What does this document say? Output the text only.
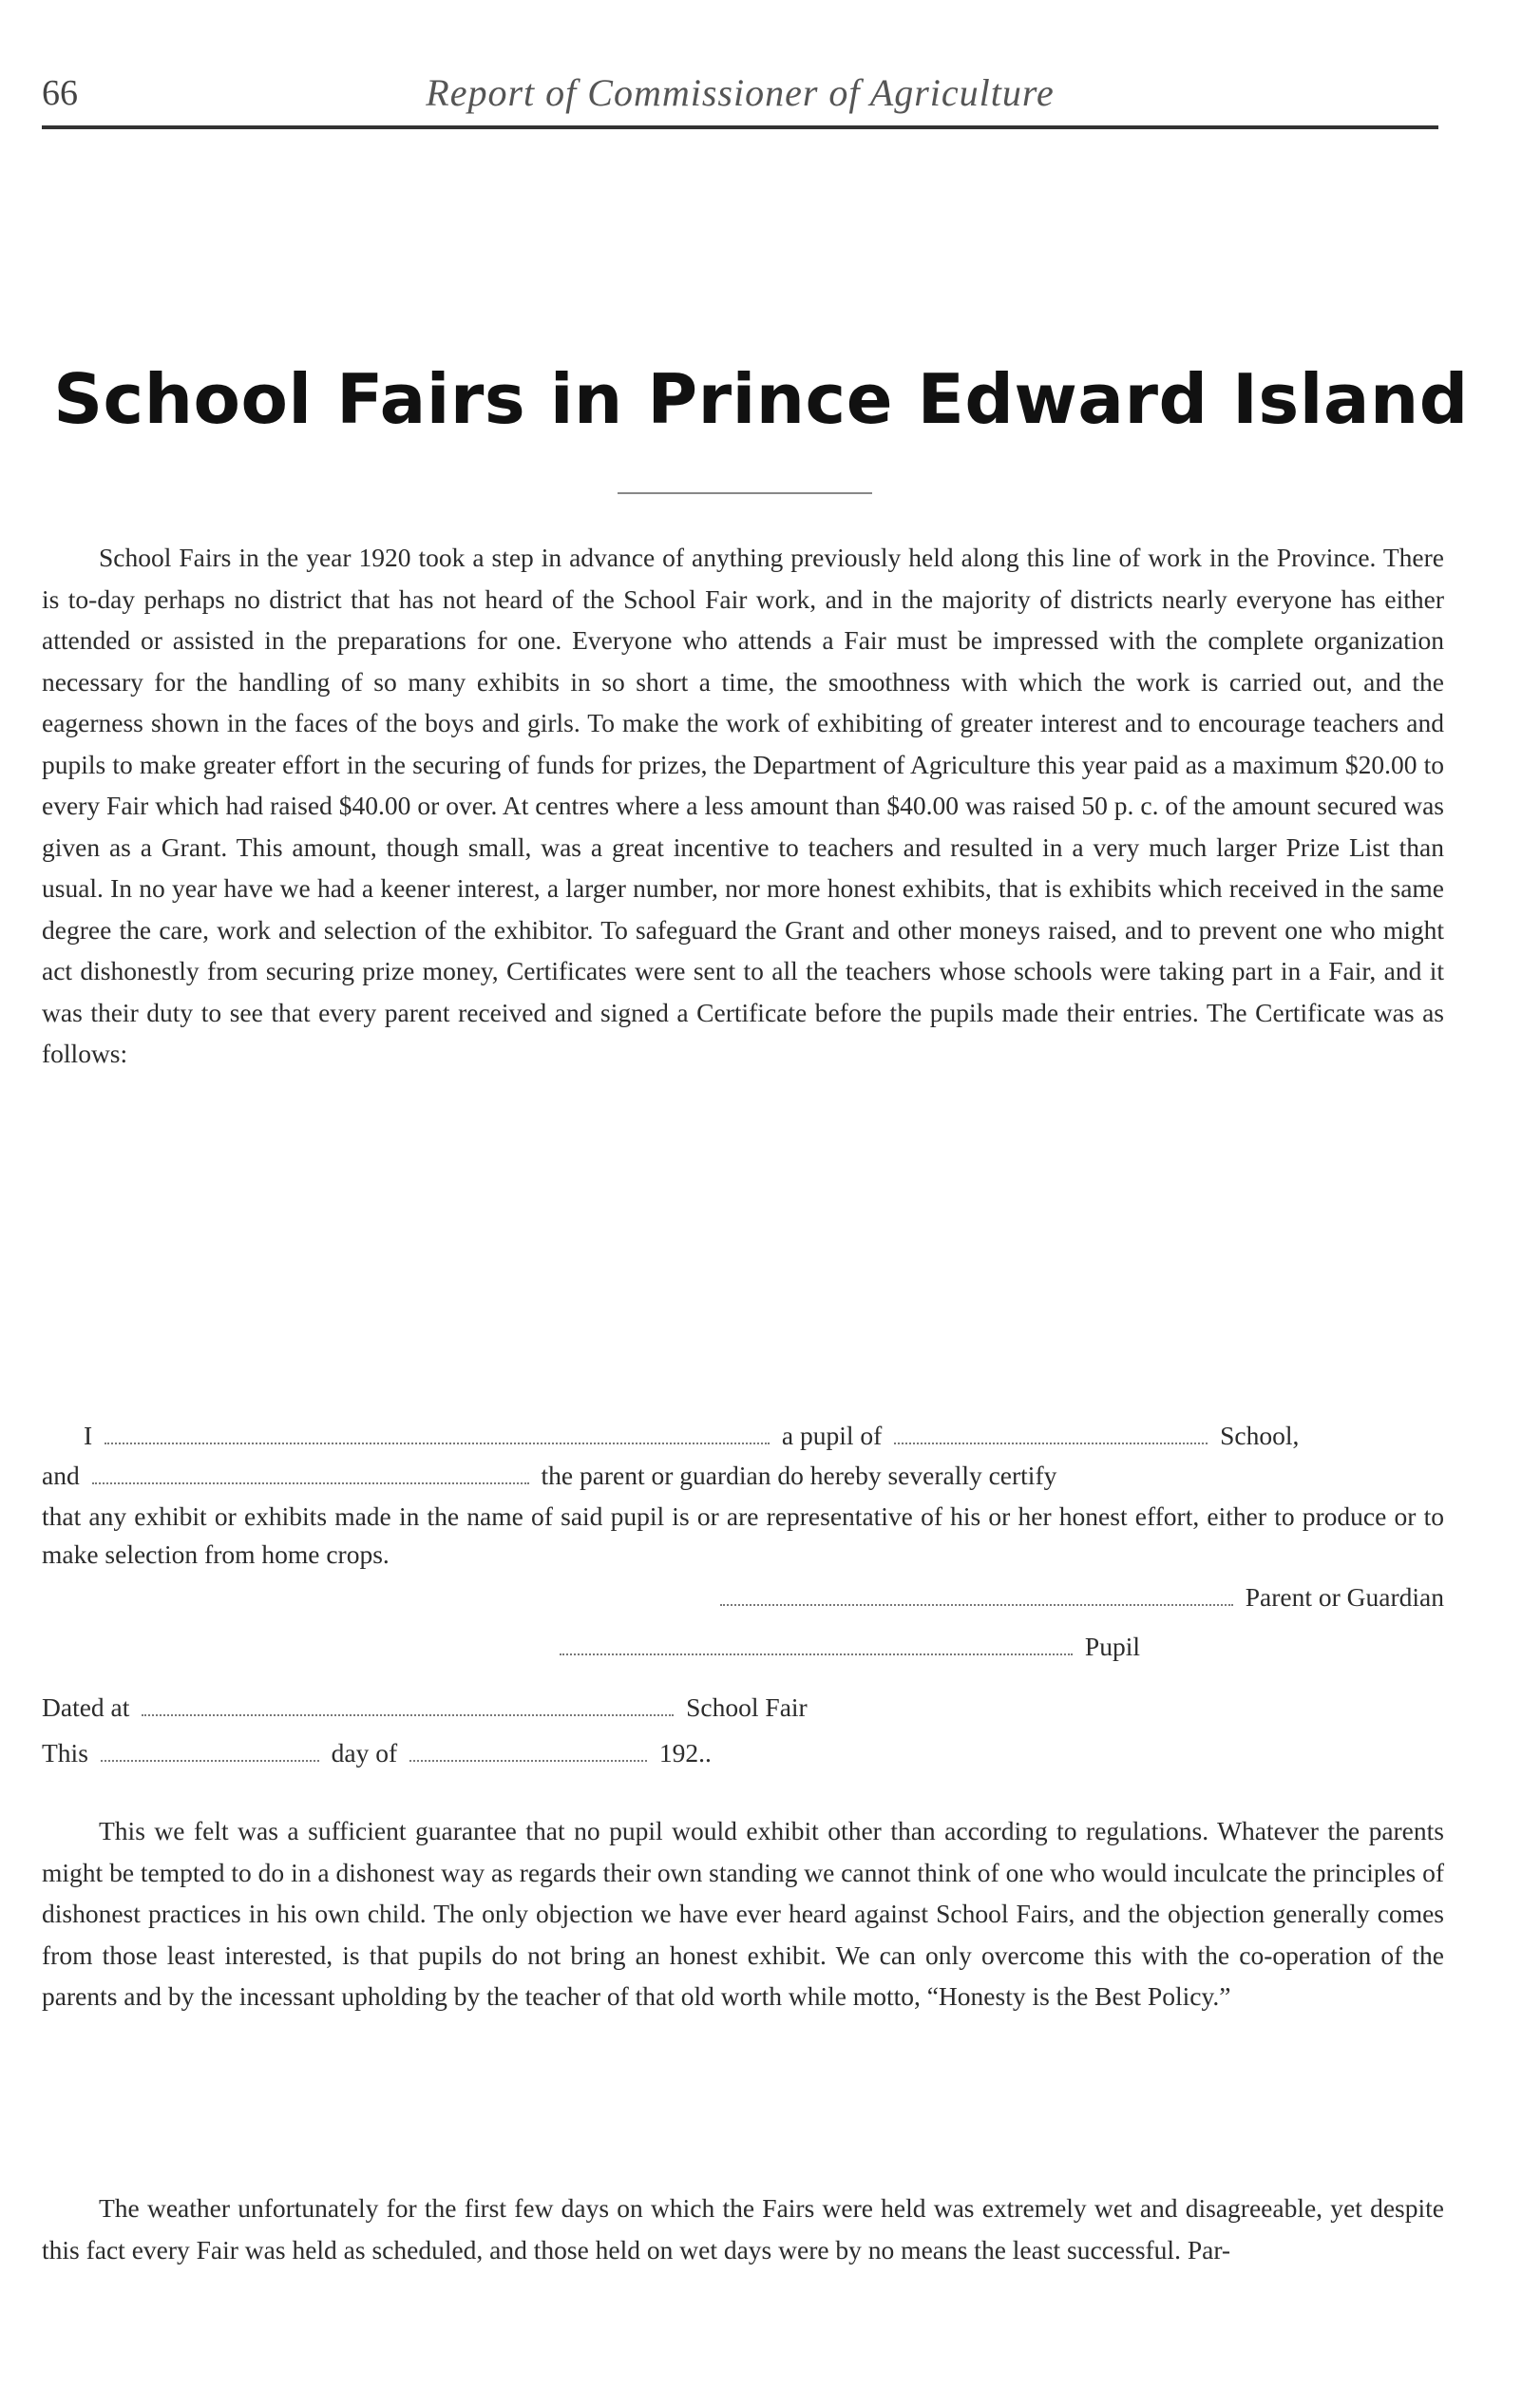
66	Report of Commissioner of Agriculture
School Fairs in Prince Edward Island

School Fairs in the year 1920 took a step in advance of anything previously held along this line of work in the Province. There is to-day perhaps no district that has not heard of the School Fair work, and in the majority of districts nearly everyone has either attended or assisted in the preparations for one. Everyone who attends a Fair must be impressed with the complete organization necessary for the handling of so many exhibits in so short a time, the smoothness with which the work is carried out, and the eagerness shown in the faces of the boys and girls. To make the work of exhibiting of greater interest and to encourage teachers and pupils to make greater effort in the securing of funds for prizes, the Department of Agriculture this year paid as a maximum $20.00 to every Fair which had raised $40.00 or over. At centres where a less amount than $40.00 was raised 50 p. c. of the amount secured was given as a Grant. This amount, though small, was a great incentive to teachers and resulted in a very much larger Prize List than usual. In no year have we had a keener interest, a larger number, nor more honest exhibits, that is exhibits which received in the same degree the care, work and selection of the exhibitor. To safeguard the Grant and other moneys raised, and to prevent one who might act dishonestly from securing prize money, Certificates were sent to all the teachers whose schools were taking part in a Fair, and it was their duty to see that every parent received and signed a Certificate before the pupils made their entries. The Certificate was as follows:

I	a pupil of	School,
and	the parent or guardian do hereby severally certify
that any exhibit or exhibits made in the name of said pupil is or are representative of his or her honest effort, either to produce or to make selection from home crops.
Parent or Guardian
Pupil
Dated at	School Fair
This	day of	192..

This we felt was a sufficient guarantee that no pupil would exhibit other than according to regulations. Whatever the parents might be tempted to do in a dishonest way as regards their own standing we cannot think of one who would inculcate the principles of dishonest practices in his own child. The only objection we have ever heard against School Fairs, and the objection generally comes from those least interested, is that pupils do not bring an honest exhibit. We can only overcome this with the co-operation of the parents and by the incessant upholding by the teacher of that old worth while motto, “Honesty is the Best Policy.”

The weather unfortunately for the first few days on which the Fairs were held was extremely wet and disagreeable, yet despite this fact every Fair was held as scheduled, and those held on wet days were by no means the least successful. Par-
